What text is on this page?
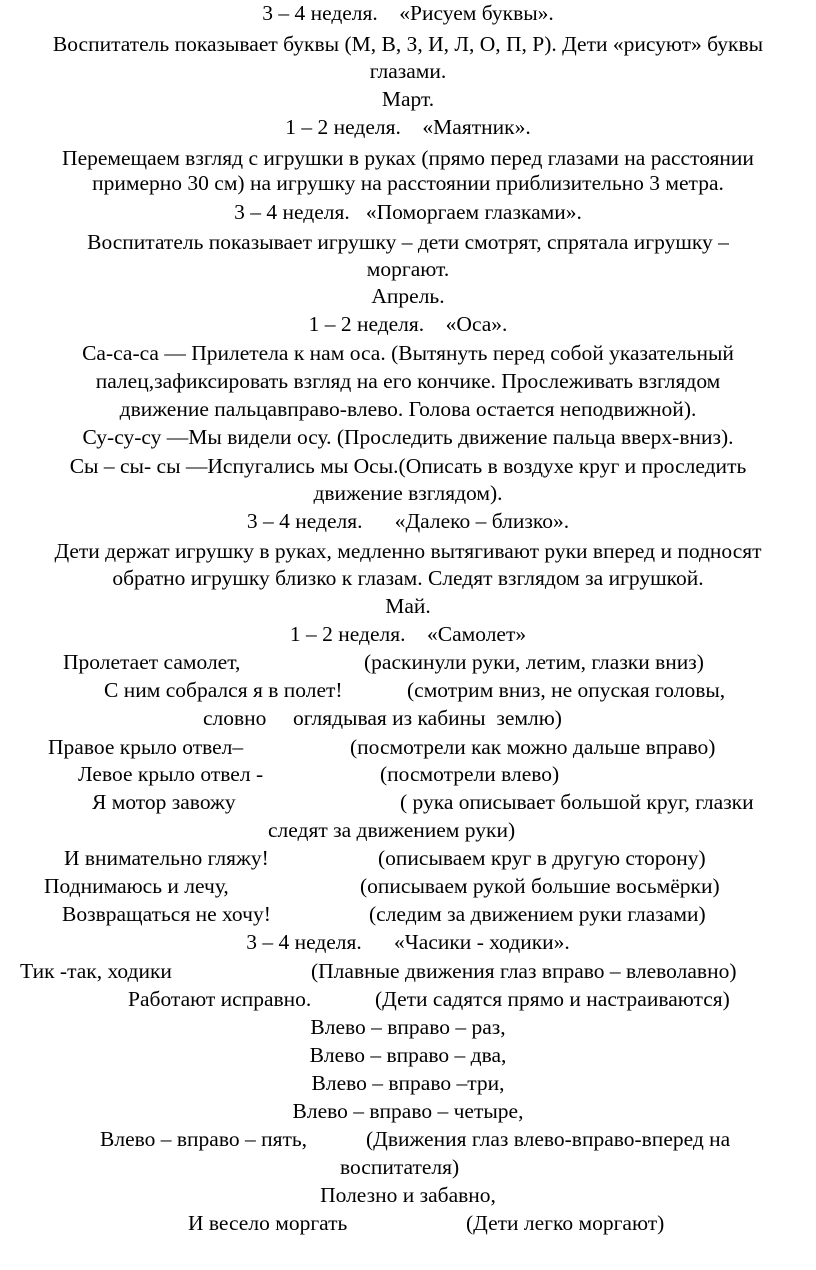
3 – 4 неделя.    «Рисуем буквы».
Воспитатель показывает буквы (М, В, З, И, Л, О, П, Р). Дети «рисуют» буквы
глазами.
Март.
1 – 2 неделя.    «Маятник».
Перемещаем взгляд с игрушки в руках (прямо перед глазами на расстоянии
примерно 30 см) на игрушку на расстоянии приблизительно 3 метра.
3 – 4 неделя.   «Поморгаем глазками».
Воспитатель показывает игрушку – дети смотрят, спрятала игрушку –
моргают.
Апрель.
1 – 2 неделя.    «Оса».
Са-са-са — Прилетела к нам оса. (Вытянуть перед собой указательный
палец,зафиксировать взгляд на его кончике. Прослеживать взглядом
движение пальцавправо-влево. Голова остается неподвижной).
Су-су-су —Мы видели осу. (Проследить движение пальца вверх-вниз).
Сы – сы- сы —Испугались мы Осы.(Описать в воздухе круг и проследить
движение взглядом).
3 – 4 неделя.      «Далеко – близко».
Дети держат игрушку в руках, медленно вытягивают руки вперед и подносят
обратно игрушку близко к глазам. Следят взглядом за игрушкой.
Май.
1 – 2 неделя.    «Самолет»
Пролетает самолет,	(раскинули руки, летим, глазки вниз)
С ним собрался я в полет!	(смотрим вниз, не опуская головы,
словно оглядывая из кабины  землю)
Правое крыло отвел–	(посмотрели как можно дальше вправо)
Левое крыло отвел -	(посмотрели влево)
Я мотор завожу	( рука описывает большой круг, глазки
следят за движением руки)
И внимательно гляжу!	(описываем круг в другую сторону)
Поднимаюсь и лечу,	(описываем рукой большие восьмёрки)
Возвращаться не хочу!	(следим за движением руки глазами)
3 – 4 неделя.      «Часики - ходики».
Тик -так, ходики	(Плавные движения глаз вправо – влеволавно)
Работают исправно.	(Дети садятся прямо и настраиваются)
Влево – вправо – раз,
Влево – вправо – два,
Влево – вправо –три,
Влево – вправо – четыре,
Влево – вправо – пять,	(Движения глаз влево-вправо-вперед на
воспитателя)
Полезно и забавно,
И весело моргать	(Дети легко моргают)
